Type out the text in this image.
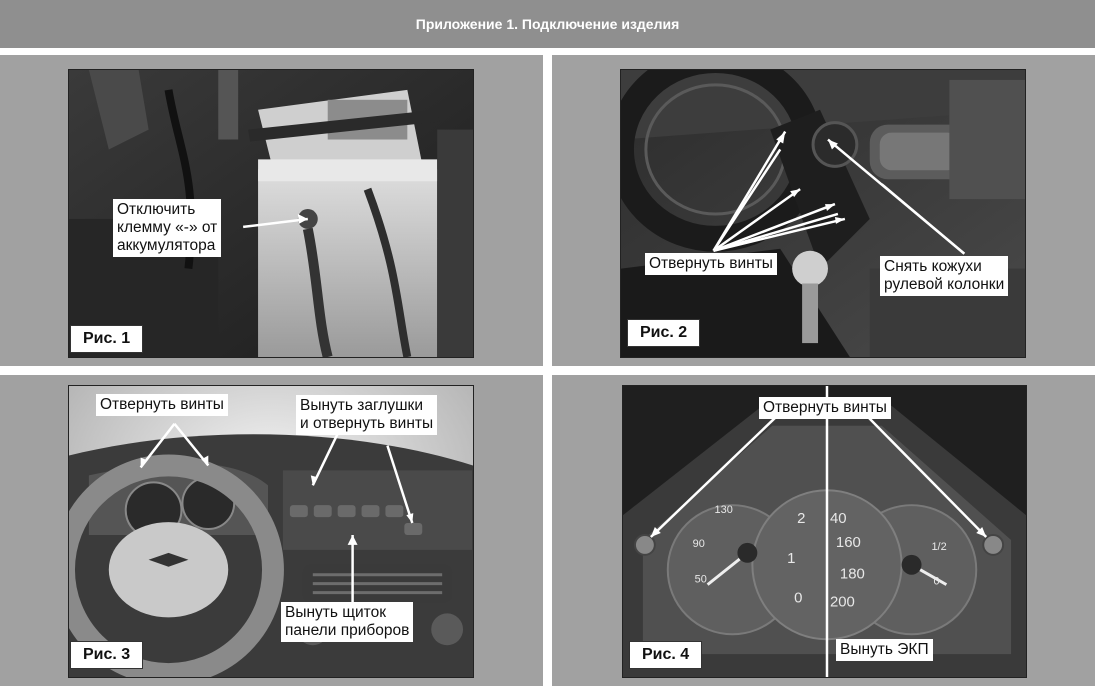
Приложение 1. Подключение изделия
Отключить
клемму «-» от
аккумулятора
Рис. 1
Отвернуть винты	Снять кожухи
рулевой колонки
Рис. 2
Отвернуть винты	Вынуть заглушки
и отвернуть винты
Вынуть щиток
панели приборов
Рис. 3
130
90
50
2
1
0
40
160
180
200
1/2
0
Отвернуть винты
Вынуть ЭКП
Рис. 4
